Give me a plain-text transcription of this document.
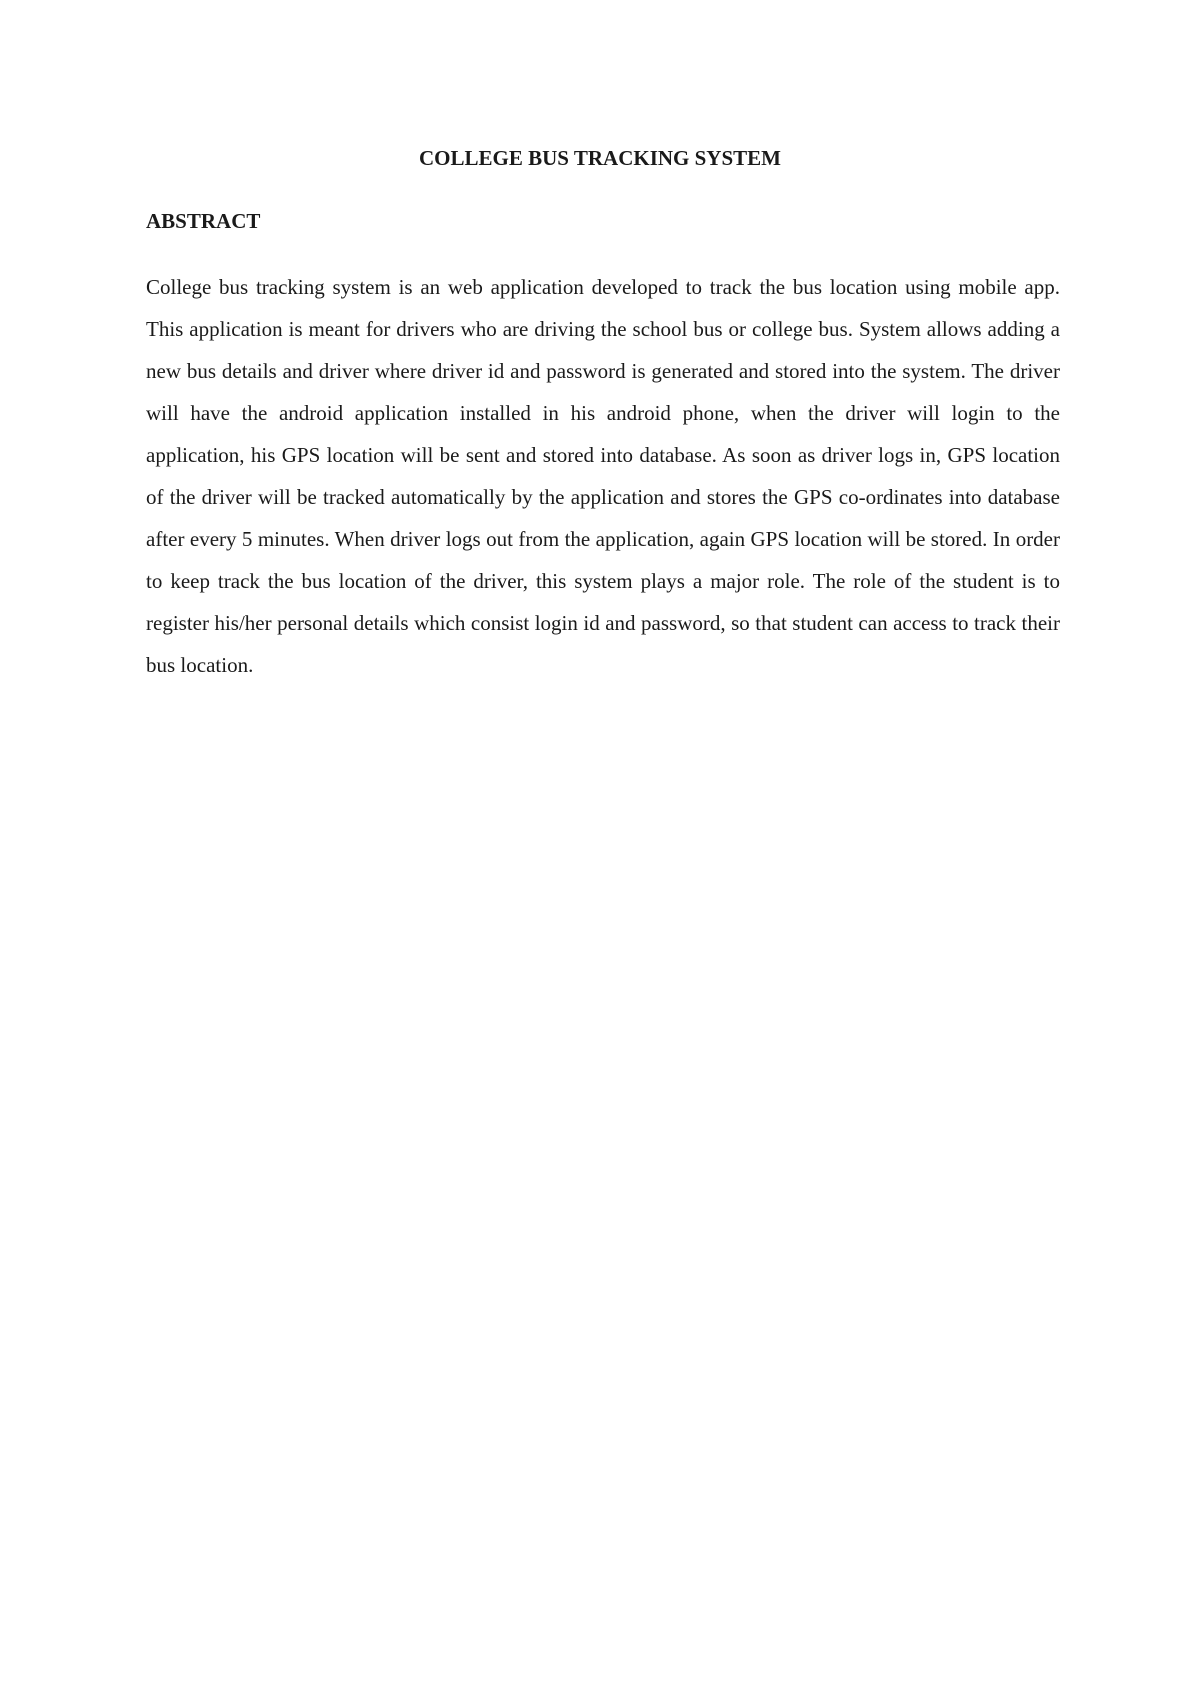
COLLEGE BUS TRACKING SYSTEM
ABSTRACT

College bus tracking system is an web application developed to track the bus location using mobile app. This application is meant for drivers who are driving the school bus or college bus. System allows adding a new bus details and driver where driver id and password is generated and stored into the system. The driver will have the android application installed in his android phone, when the driver will login to the application, his GPS location will be sent and stored into database. As soon as driver logs in, GPS location of the driver will be tracked automatically by the application and stores the GPS co-ordinates into database after every 5 minutes. When driver logs out from the application, again GPS location will be stored. In order to keep track the bus location of the driver, this system plays a major role. The role of the student is to register his/her personal details which consist login id and password, so that student can access to track their bus location.
